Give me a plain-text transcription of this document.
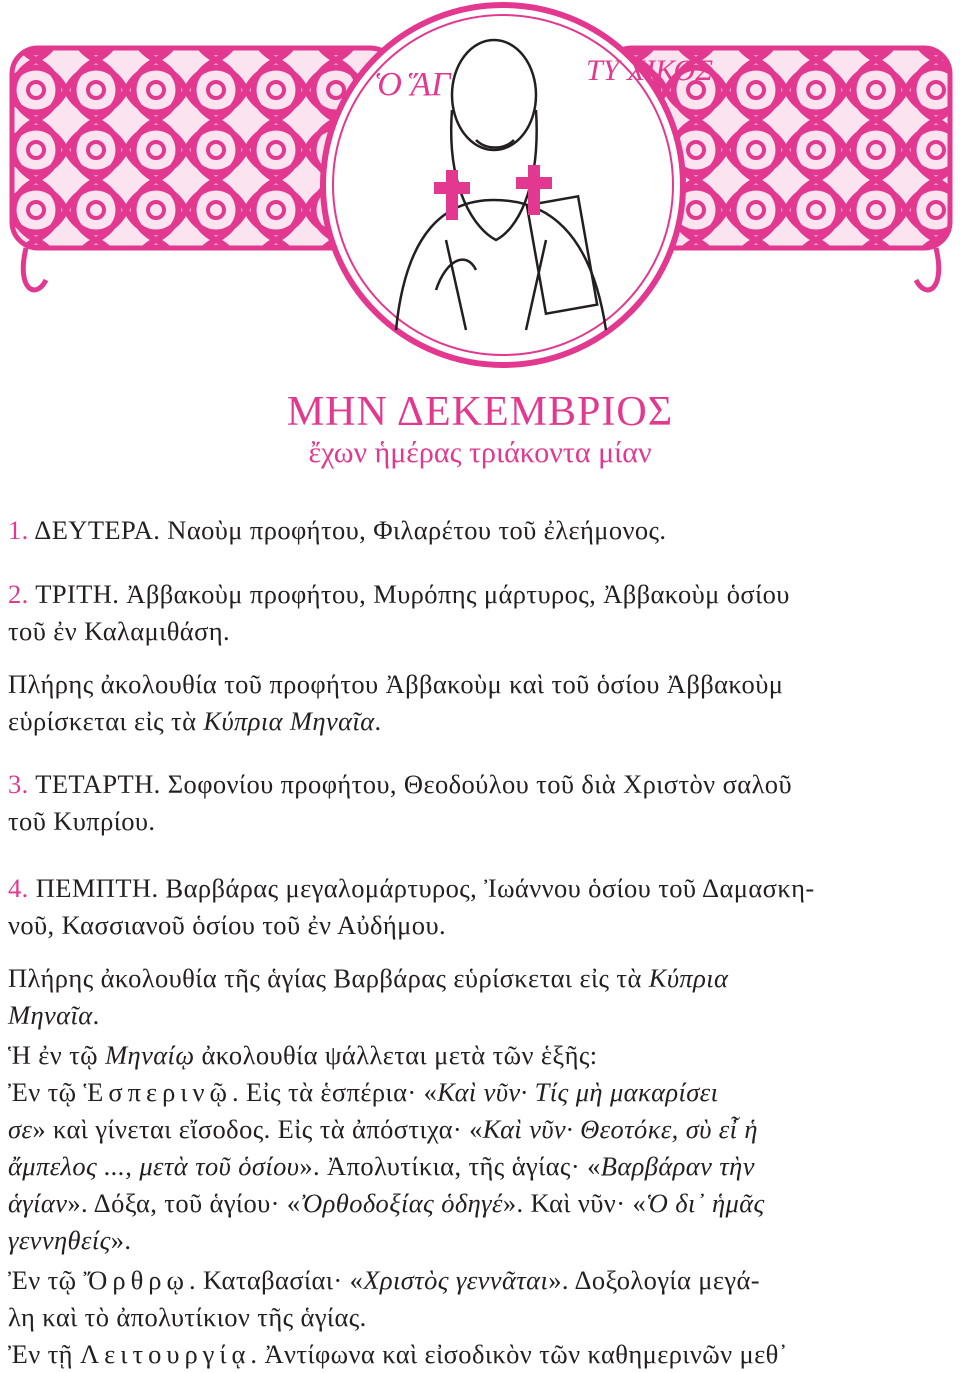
Ὁ ἍΓ	ΤΥ ΧΙΚΟΣ
ΜΗΝ ΔΕΚΕΜΒΡΙΟΣ
ἔχων ἡμέρας τριάκοντα μίαν

1. ΔΕΥΤΕΡΑ. Ναοὺμ προφήτου, Φιλαρέτου τοῦ ἐλεήμονος.

2. ΤΡΙΤΗ. Ἀββακοὺμ προφήτου, Μυρόπης μάρτυρος, Ἀββακοὺμ ὁσίου
τοῦ ἐν Καλαμιθάση.

Πλήρης ἀκολουθία τοῦ προφήτου Ἀββακοὺμ καὶ τοῦ ὁσίου Ἀββακοὺμ
εὑρίσκεται εἰς τὰ Κύπρια Μηναῖα.

3. ΤΕΤΑΡΤΗ. Σοφονίου προφήτου, Θεοδούλου τοῦ διὰ Χριστὸν σαλοῦ
τοῦ Κυπρίου.

4. ΠΕΜΠΤΗ. Βαρβάρας μεγαλομάρτυρος, Ἰωάννου ὁσίου τοῦ Δαμασκη-
νοῦ, Κασσιανοῦ ὁσίου τοῦ ἐν Αὐδήμου.

Πλήρης ἀκολουθία τῆς ἁγίας Βαρβάρας εὑρίσκεται εἰς τὰ Κύπρια
Μηναῖα.

Ἡ ἐν τῷ Μηναίῳ ἀκολουθία ψάλλεται μετὰ τῶν ἑξῆς:

Ἐν τῷ Ἑσπερινῷ. Εἰς τὰ ἑσπέρια· «Καὶ νῦν· Τίς μὴ μακαρίσει
σε» καὶ γίνεται εἴσοδος. Εἰς τὰ ἀπόστιχα· «Καὶ νῦν· Θεοτόκε, σὺ εἶ ἡ
ἄμπελος ..., μετὰ τοῦ ὁσίου». Ἀπολυτίκια, τῆς ἁγίας· «Βαρβάραν τὴν
ἁγίαν». Δόξα, τοῦ ἁγίου· «Ὀρθοδοξίας ὁδηγέ». Καὶ νῦν· «Ὁ δι᾽ ἡμᾶς
γεννηθείς».

Ἐν τῷ Ὄρθρῳ. Καταβασίαι· «Χριστὸς γεννᾶται». Δοξολογία μεγά-
λη καὶ τὸ ἀπολυτίκιον τῆς ἁγίας.

Ἐν τῇ Λειτουργίᾳ. Ἀντίφωνα καὶ εἰσοδικὸν τῶν καθημερινῶν μεθ᾽
